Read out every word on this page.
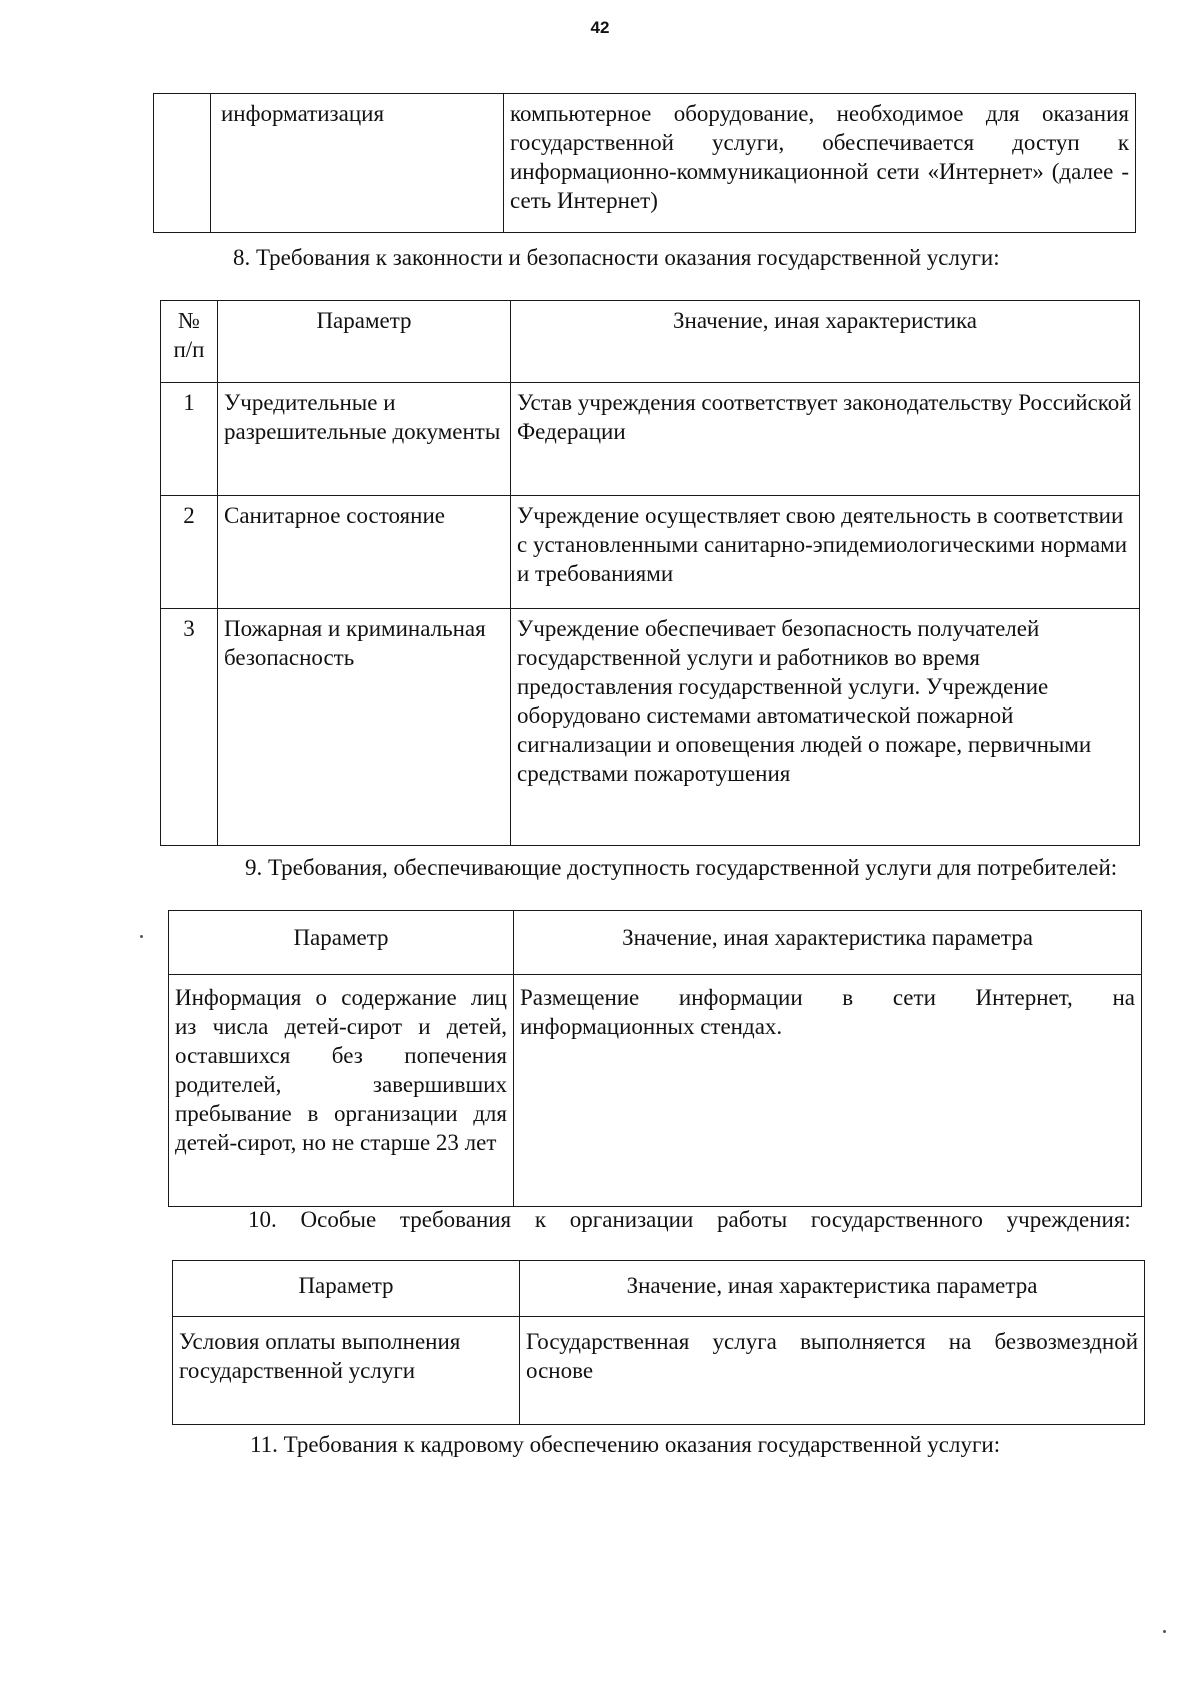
42
	информатизация	компьютерное оборудование, необходимое для оказания государственной услуги, обеспечивается доступ к информационно-коммуникационной сети «Интернет» (далее - сеть Интернет)
8. Требования к законности и безопасности оказания государственной услуги:
№ п/п	Параметр	Значение, иная характеристика
1	Учредительные и разрешительные документы	Устав учреждения соответствует законодательству Российской Федерации
2	Санитарное состояние	Учреждение осуществляет свою деятельность в соответствии с установленными санитарно-эпидемиологическими нормами и требованиями
3	Пожарная и криминальная безопасность	Учреждение обеспечивает безопасность получателей государственной услуги и работников во время предоставления государственной услуги. Учреждение оборудовано системами автоматической пожарной сигнализации и оповещения людей о пожаре, первичными средствами пожаротушения
9. Требования, обеспечивающие доступность государственной услуги для потребителей:
Параметр	Значение, иная характеристика параметра
Информация о содержание лиц из числа детей-сирот и детей, оставшихся без попечения родителей, завершивших пребывание в организации для детей-сирот, но не старше 23 лет	Размещение информации в сети Интернет, на информационных стендах.
10. Особые требования к организации работы государственного учреждения:
Параметр	Значение, иная характеристика параметра
Условия оплаты выполнения государственной услуги	Государственная услуга выполняется на безвозмездной основе
11. Требования к кадровому обеспечению оказания государственной услуги:
